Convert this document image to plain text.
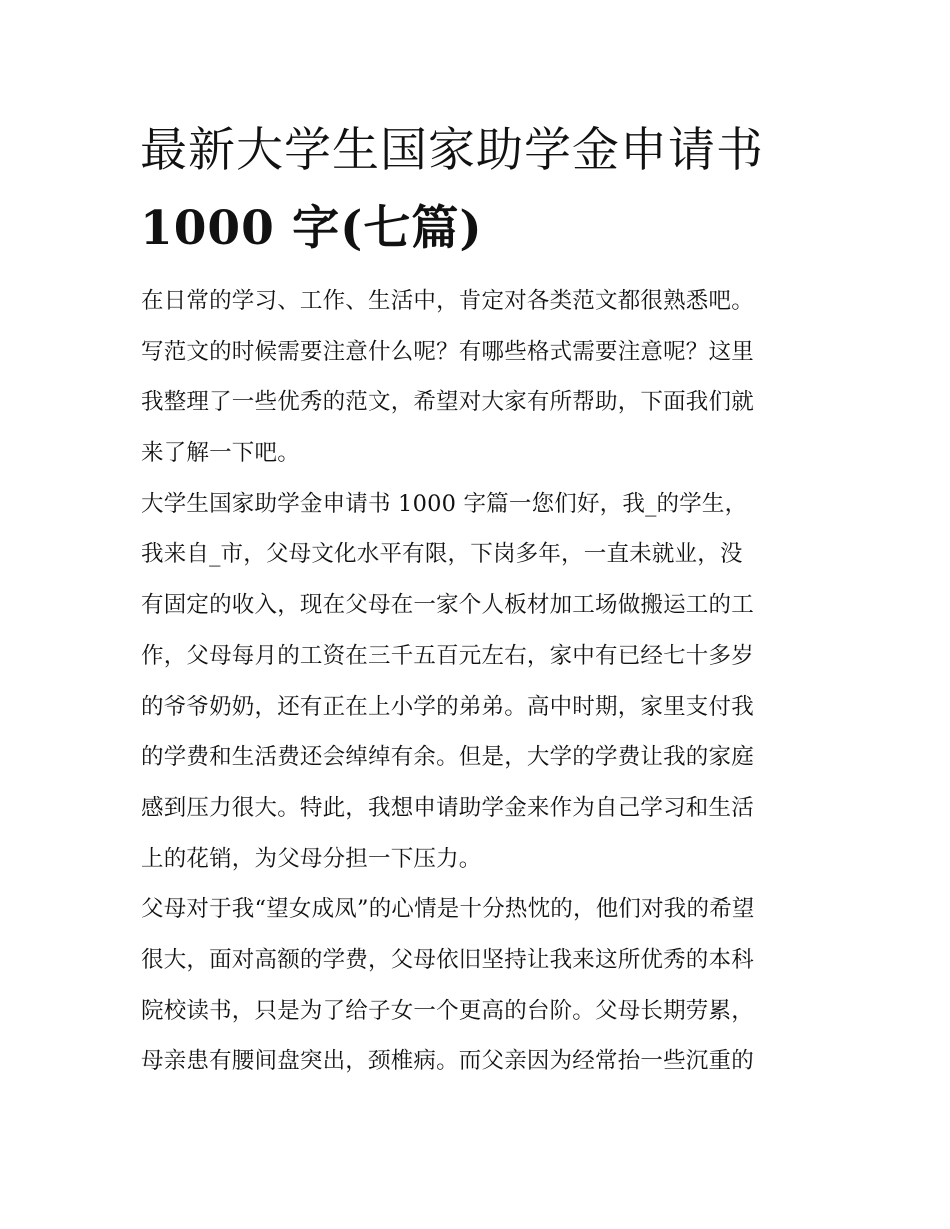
最新大学生国家助学金申请书
1000 字(七篇)
在日常的学习、工作、生活中，肯定对各类范文都很熟悉吧。
写范文的时候需要注意什么呢？有哪些格式需要注意呢？这里
我整理了一些优秀的范文，希望对大家有所帮助，下面我们就
来了解一下吧。
大学生国家助学金申请书 1000 字篇一您们好，我_的学生，
我来自_市，父母文化水平有限，下岗多年，一直未就业，没
有固定的收入，现在父母在一家个人板材加工场做搬运工的工
作，父母每月的工资在三千五百元左右，家中有已经七十多岁
的爷爷奶奶，还有正在上小学的弟弟。高中时期，家里支付我
的学费和生活费还会绰绰有余。但是，大学的学费让我的家庭
感到压力很大。特此，我想申请助学金来作为自己学习和生活
上的花销，为父母分担一下压力。
父母对于我“望女成凤”的心情是十分热忱的，他们对我的希望
很大，面对高额的学费，父母依旧坚持让我来这所优秀的本科
院校读书，只是为了给子女一个更高的台阶。父母长期劳累，
母亲患有腰间盘突出，颈椎病。而父亲因为经常抬一些沉重的
